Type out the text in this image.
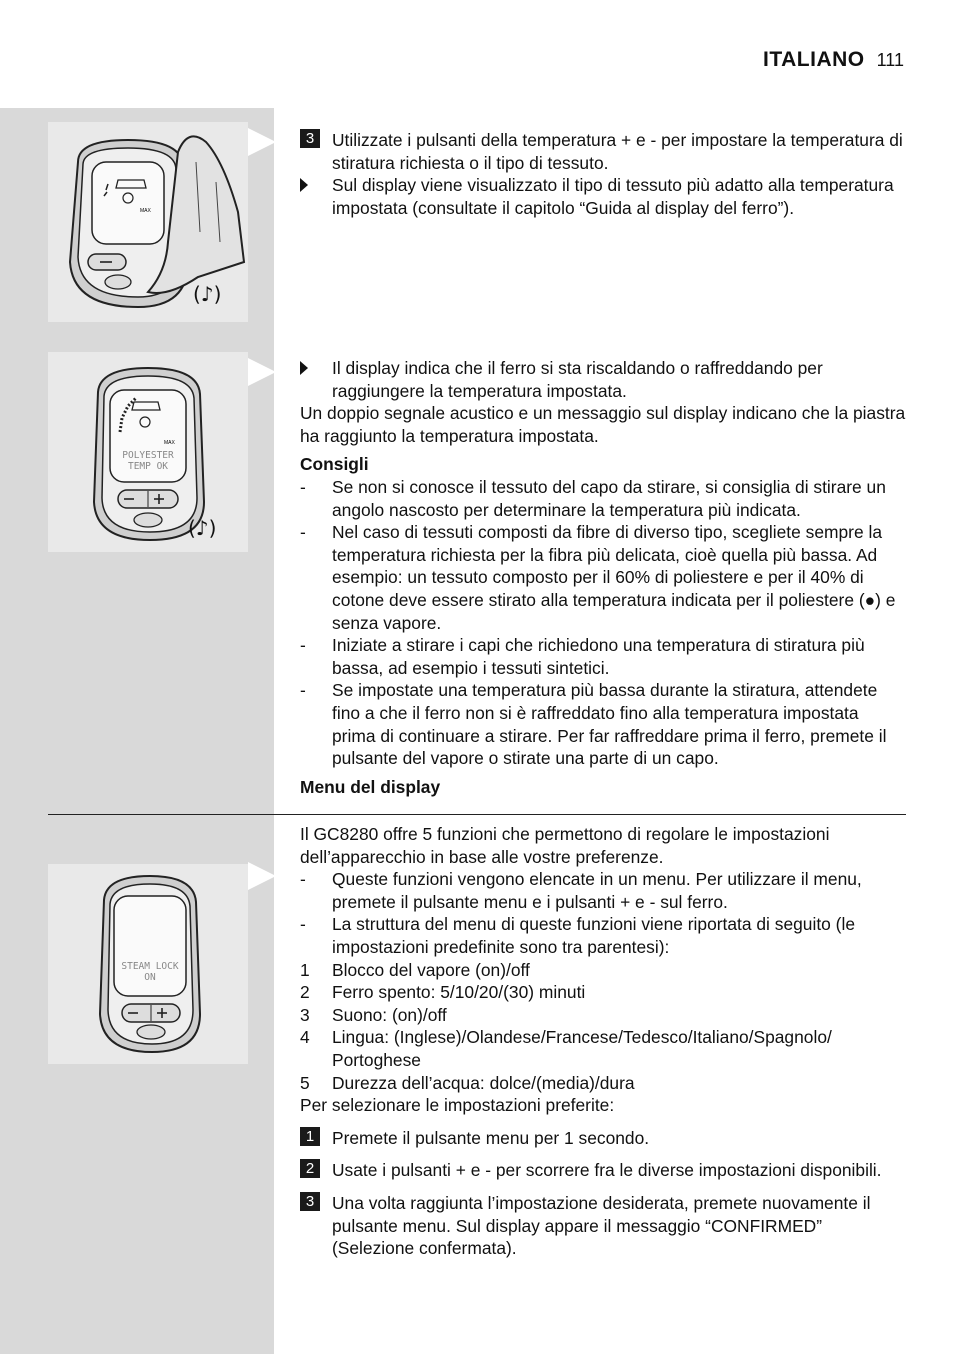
ITALIANO 111
MAX
(♪)
MAX
POLYESTER
TEMP OK
(♪)
STEAM LOCK
ON
3	Utilizzate i pulsanti della temperatura + e - per impostare la temperatura di stiratura richiesta o il tipo di tessuto.
Sul display viene visualizzato il tipo di tessuto più adatto alla temperatura impostata (consultate il capitolo “Guida al display del ferro”).
Il display indica che il ferro si sta riscaldando o raffreddando per raggiungere la temperatura impostata.
Un doppio segnale acustico e un messaggio sul display indicano che la piastra ha raggiunto la temperatura impostata.
Consigli
- Se non si conosce il tessuto del capo da stirare, si consiglia di stirare un angolo nascosto per determinare la temperatura più indicata.
- Nel caso di tessuti composti da fibre di diverso tipo, scegliete sempre la temperatura richiesta per la fibra più delicata, cioè quella più bassa. Ad esempio: un tessuto composto per il 60% di poliestere e per il 40% di cotone deve essere stirato alla temperatura indicata per il poliestere (●) e senza vapore.
- Iniziate a stirare i capi che richiedono una temperatura di stiratura più bassa, ad esempio i tessuti sintetici.
- Se impostate una temperatura più bassa durante la stiratura, attendete fino a che il ferro non si è raffreddato fino alla temperatura impostata prima di continuare a stirare. Per far raffreddare prima il ferro, premete il pulsante del vapore o stirate una parte di un capo.
Menu del display
Il GC8280 offre 5 funzioni che permettono di regolare le impostazioni dell’apparecchio in base alle vostre preferenze.
- Queste funzioni vengono elencate in un menu. Per utilizzare il menu, premete il pulsante menu e i pulsanti + e - sul ferro.
- La struttura del menu di queste funzioni viene riportata di seguito (le impostazioni predefinite sono tra parentesi):
1 Blocco del vapore (on)/off
2 Ferro spento: 5/10/20/(30) minuti
3 Suono: (on)/off
4 Lingua: (Inglese)/Olandese/Francese/Tedesco/Italiano/Spagnolo/ Portoghese
5 Durezza dell’acqua: dolce/(media)/dura
Per selezionare le impostazioni preferite:
1	Premete il pulsante menu per 1 secondo.
2	Usate i pulsanti + e - per scorrere fra le diverse impostazioni disponibili.
3	Una volta raggiunta l’impostazione desiderata, premete nuovamente il pulsante menu. Sul display appare il messaggio “CONFIRMED” (Selezione confermata).
